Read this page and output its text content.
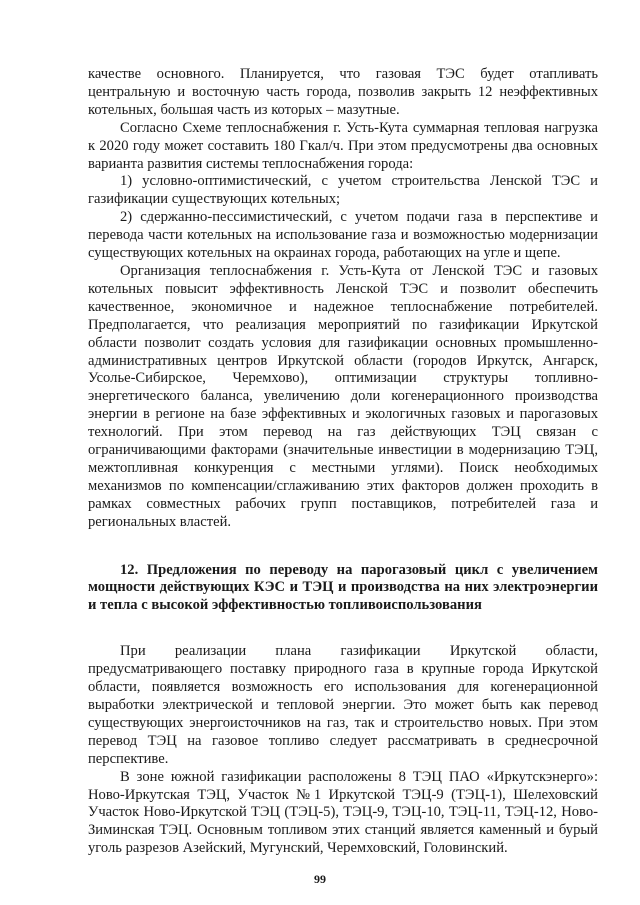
качестве основного. Планируется, что газовая ТЭС будет отапливать центральную и восточную часть города, позволив закрыть 12 неэффективных котельных, большая часть из которых – мазутные.

Согласно Схеме теплоснабжения г. Усть-Кута суммарная тепловая нагрузка к 2020 году может составить 180 Гкал/ч. При этом предусмотрены два основных варианта развития системы теплоснабжения города:

1) условно-оптимистический, с учетом строительства Ленской ТЭС и газификации существующих котельных;

2) сдержанно-пессимистический, с учетом подачи газа в перспективе и перевода части котельных на использование газа и возможностью модернизации существующих котельных на окраинах города, работающих на угле и щепе.

Организация теплоснабжения г. Усть-Кута от Ленской ТЭС и газовых котельных повысит эффективность Ленской ТЭС и позволит обеспечить качественное, экономичное и надежное теплоснабжение потребителей. Предполагается, что реализация мероприятий по газификации Иркутской области позволит создать условия для газификации основных промышленно-административных центров Иркутской области (городов Иркутск, Ангарск, Усолье-Сибирское, Черемхово), оптимизации структуры топливно-энергетического баланса, увеличению доли когенерационного производства энергии в регионе на базе эффективных и экологичных газовых и парогазовых технологий. При этом перевод на газ действующих ТЭЦ связан с ограничивающими факторами (значительные инвестиции в модернизацию ТЭЦ, межтопливная конкуренция с местными углями). Поиск необходимых механизмов по компенсации/сглаживанию этих факторов должен проходить в рамках совместных рабочих групп поставщиков, потребителей газа и региональных властей.

12. Предложения по переводу на парогазовый цикл с увеличением мощности действующих КЭС и ТЭЦ и производства на них электроэнергии и тепла с высокой эффективностью топливоиспользования

При реализации плана газификации Иркутской области, предусматривающего поставку природного газа в крупные города Иркутской области, появляется возможность его использования для когенерационной выработки электрической и тепловой энергии. Это может быть как перевод существующих энергоисточников на газ, так и строительство новых. При этом перевод ТЭЦ на газовое топливо следует рассматривать в среднесрочной перспективе.

В зоне южной газификации расположены 8 ТЭЦ ПАО «Иркутскэнерго»: Ново-Иркутская ТЭЦ, Участок №1 Иркутской ТЭЦ-9 (ТЭЦ-1), Шелеховский Участок Ново-Иркутской ТЭЦ (ТЭЦ-5), ТЭЦ-9, ТЭЦ-10, ТЭЦ-11, ТЭЦ-12, Ново-Зиминская ТЭЦ. Основным топливом этих станций является каменный и бурый уголь разрезов Азейский, Мугунский, Черемховский, Головинский.

99
